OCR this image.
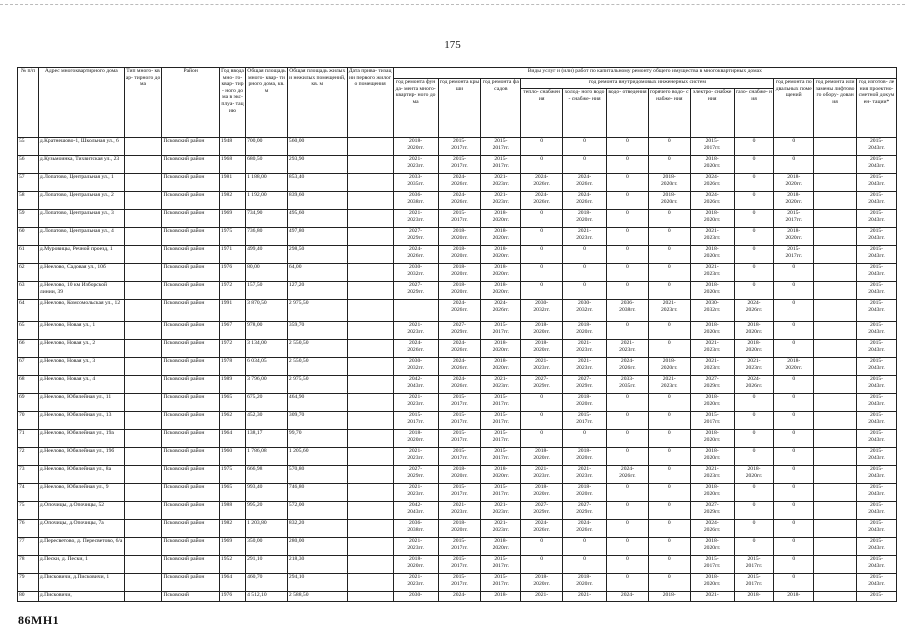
175
№ п/п	Адрес многоквартирного дома	Тип много- квар- тирного дома	Район	Год ввода мно- го- квар- тир- ного дома в экс- плуа- тацию	Общая площадь много- квар- тирного дома, кв. м	Общая площадь жилых и нежилых помещений, кв. м	Дата прива- тизации первого жилого помещения	Виды услуг и (или) работ по капитальному ремонту общего имущества в многоквартирных домах											
								год ремонта фунда- мента много- квартир- ного дома	год ремонта крыши	год ремонта фасадов	год ремонта внутридомовых инженерных систем						год ремонта подвальных помещений	год ремонта или замены лифтового обору- дования	год изготов- ления проектно- сметной докумен- тации*
											тепло- снабжения	холод- ного водо- снабже- ния	водо- отведения	горячего водо- снабже- ния	электро- снабжения	газо- снабже- ния			
55	д.Кратнешово-1, Школьная ул., 6		Псковский район	1948	700,00	560,00		2018-
2020гг.	2015-
2017гг.	2015-
2017гг.	0	0	0	0	2015-
2017гг.	0	0		2015-
2043гг.
56	д.Кузьмоинка, Тихвитская ул., 23		Псковский район	1968	680,50	293,90		2021-
2023гг.	2015-
2017гг.	2015-
2017гг.	0	0	0	0	2018-
2020гг.	0	0		2015-
2043гг.
57	д.Лопатово, Центральная ул., 1		Псковский район	1981	1 188,00	853,40		2033-
2035гг.	2024-
2026гг.	2021-
2023гг.	2024-
2026гг.	2024-
2026гг.	0	2018-
2020гг.	2024-
2026гг.	0	2018-
2020гг.		2015-
2043гг.
58	д.Лопатово, Центральная ул., 2		Псковский район	1982	1 192,00	839,60		2036-
2038гг.	2024-
2026гг.	2021-
2023гг.	2024-
2026гг.	2024-
2026гг.	0	2018-
2020гг.	2024-
2026гг.	0	2018-
2020гг.		2015-
2043гг.
59	д.Лопатово, Центральная ул., 3		Псковский район	1969	734,90	495,60		2021-
2023гг.	2015-
2017гг.	2018-
2020гг.	0	2018-
2020гг.	0	0	2018-
2020гг.	0	2015-
2017гг.		2015-
2043гг.
60	д.Лопатово, Центральная ул., 4		Псковский район	1975	736,80	497,80		2027-
2029гг.	2018-
2020гг.	2018-
2020гг.	0	2021-
2023гг.	0	0	2021-
2023гг.	0	2018-
2020гг.		2015-
2043гг.
61	д.Муровицы, Речной проезд, 1		Псковский район	1971	499,40	298,50		2024-
2026гг.	2018-
2020гг.	2018-
2020гг.	0	0	0	0	2018-
2020гг.	0	2015-
2017гг.		2015-
2043гг.
62	д.Неелово, Садовая ул., 10б		Псковский район	1976	80,00	64,00		2030-
2032гг.	2018-
2020гг.	2018-
2020гг.	0	0	0	0	2021-
2023гг.	0	0		2015-
2043гг.
63	д.Неелово, 10 км Изборской линии, 39		Псковский район	1972	157,50	127,20		2027-
2029гг.	2018-
2020гг.	2018-
2020гг.	0	0	0	0	2018-
2020гг.	0	0		2015-
2043гг.
64	д.Неелово, Комсомольская ул., 12		Псковский район	1991	3 870,50	2 975,50			2024-
2026гг.	2024-
2026гг.	2030-
2032гг.	2030-
2032гг.	2036-
2038гг.	2021-
2023гг.	2030-
2032гг.	2024-
2026гг.	0		2015-
2043гг.
65	д.Неелово, Новая ул., 1		Псковский район	1967	978,00	359,70		2021-
2023гг.	2027-
2029гг.	2015-
2017гг.	2018-
2020гг.	2018-
2020гг.	0	0	2018-
2020гг.	2018-
2020гг.	0		2015-
2043гг.
66	д.Неелово, Новая ул., 2		Псковский район	1972	3 134,00	2 550,50		2024-
2026гг.	2024-
2026гг.	2018-
2020гг.	2018-
2020гг.	2021-
2023гг.	2021-
2023гг.	0	2021-
2023гг.	2018-
2020гг.	0		2015-
2043гг.
67	д.Неелово, Новая ул., 3		Псковский район	1978	6 034,05	2 550,50		2030-
2032гг.	2024-
2026гг.	2018-
2020гг.	2021-
2023гг.	2021-
2023гг.	2024-
2026гг.	2018-
2020гг.	2021-
2023гг.	2021-
2023гг.	2018-
2020гг.		2015-
2043гг.
68	д.Неелово, Новая ул., 4		Псковский район	1989	3 796,00	2 975,50		2042-
2043гг.	2024-
2026гг.	2021-
2023гг.	2027-
2029гг.	2027-
2029гг.	2033-
2035гг.	2021-
2023гг.	2027-
2029гг.	2024-
2026гг.	0		2015-
2043гг.
69	д.Неелово, Юбилейная ул., 11		Псковский район	1965	675,20	464,90		2021-
2023гг.	2015-
2017гг.	2015-
2017гг.	0	2018-
2020гг.	0	0	2018-
2020гг.	0	0		2015-
2043гг.
70	д.Неелово, Юбилейная ул., 13		Псковский район	1962	452,30	309,70		2015-
2017гг.	2015-
2017гг.	2015-
2017гг.	0	2015-
2017гг.	0	0	2015-
2017гг.	0	0		2015-
2043гг.
71	д.Неелово, Юбилейная ул., 19а		Псковский район	1964	138,17	99,70		2018-
2020гг.	2015-
2017гг.	2015-
2017гг.	0	0	0	0	2018-
2020гг.	0	0		2015-
2043гг.
72	д.Неелово, Юбилейная ул., 19б		Псковский район	1960	1 786,08	1 205,60		2021-
2023гг.	2015-
2017гг.	2015-
2017гг.	2018-
2020гг.	2018-
2020гг.	0	0	2018-
2020гг.	0	0		2015-
2043гг.
73	д.Неелово, Юбилейная ул., 8а		Псковский район	1975	666,98	570,80		2027-
2029гг.	2018-
2020гг.	2018-
2020гг.	2021-
2023гг.	2021-
2023гг.	2024-
2026гг.	0	2021-
2023гг.	2018-
2020гг.	0		2015-
2043гг.
74	д.Неелово, Юбилейная ул., 9		Псковский район	1965	993,40	746,80		2021-
2023гг.	2015-
2017гг.	2015-
2017гг.	2018-
2020гг.	2018-
2020гг.	0	0	2018-
2020гг.	0	0		2015-
2043гг.
75	д.Опочицы, д.Опочицы, 52		Псковский район	1988	995,20	572,00		2042-
2043гг.	2021-
2023гг.	2021-
2023гг.	2027-
2029гг.	2027-
2029гг.	0	0	2027-
2029гг.	0	0		2015-
2043гг.
76	д.Опочицы, д.Опочицы, 7а		Псковский район	1982	1 203,80	832,20		2036-
2038гг.	2018-
2020гг.	2021-
2023гг.	2024-
2026гг.	2024-
2026гг.	0	0	2024-
2026гг.	0	0		2015-
2043гг.
77	д.Пересветово, д. Пересветово, 6/а		Псковский район	1969	350,00	280,00		2021-
2023гг.	2015-
2017гг.	2018-
2020гг.	0	0	0	0	2018-
2020гг.	0	0		2015-
2043гг.
78	д.Пески, д. Пески, 1		Псковский район	1952	291,10	218,30		2018-
2020гг.	2015-
2017гг.	2015-
2017гг.	0	0	0	0	2015-
2017гг.	2015-
2017гг.	0		2015-
2043гг.
79	д.Писковичи, д.Писковичи, 1		Псковский район	1964	460,70	294,10		2021-
2023гг.	2015-
2017гг.	2015-
2017гг.	2018-
2020гг.	2018-
2020гг.	0	0	2018-
2020гг.	2015-
2017гг.	0		2015-
2043гг.
80	д.Писковичи,		Псковский	1976	4 512,10	2 588,50		2030-	2024-	2018-	2021-	2021-	2024-	2018-	2021-	2018-	2018-		2015-
86МН1
